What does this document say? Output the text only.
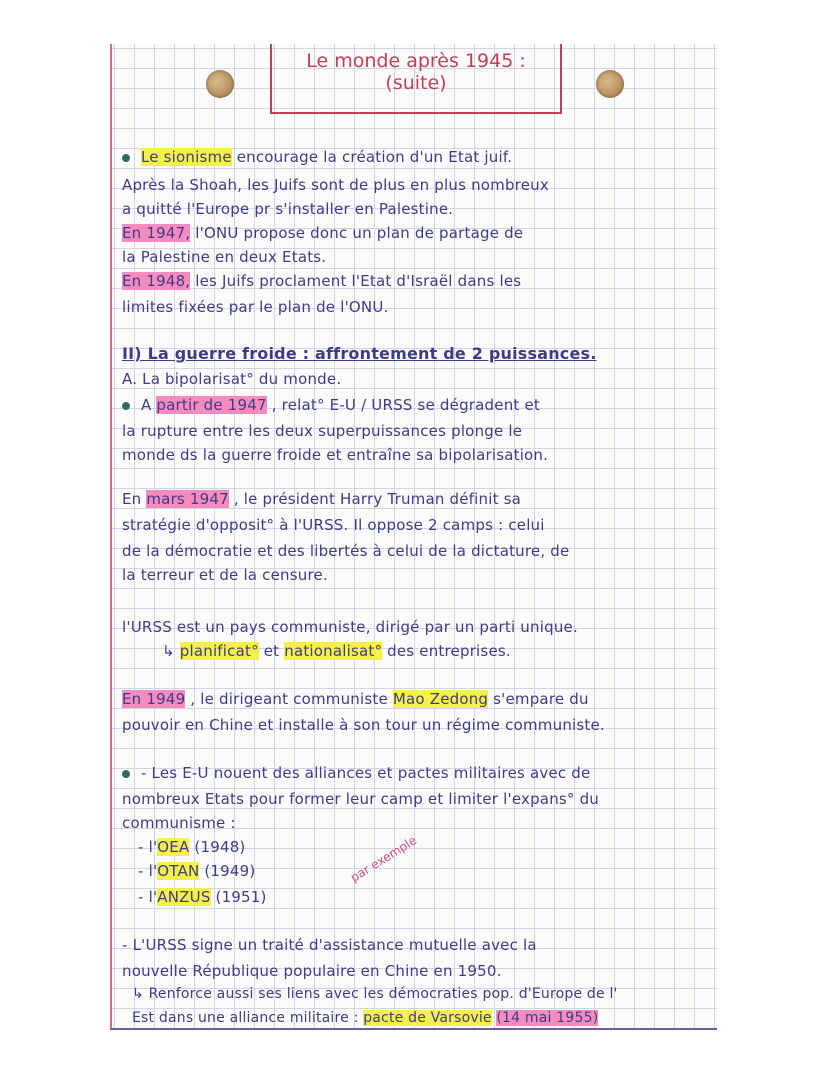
Le monde après 1945 :
(suite)
Le sionisme encourage la création d'un Etat juif.
Après la Shoah, les Juifs sont de plus en plus nombreux
a quitté l'Europe pr s'installer en Palestine.
En 1947, l'ONU propose donc un plan de partage de
la Palestine en deux Etats.
En 1948, les Juifs proclament l'Etat d'Israël dans les
limites fixées par le plan de l'ONU.
II) La guerre froide : affrontement de 2 puissances.
A. La bipolarisat° du monde.
A partir de 1947 , relat° E-U / URSS se dégradent et
la rupture entre les deux superpuissances plonge le
monde ds la guerre froide et entraîne sa bipolarisation.
En mars 1947 , le président Harry Truman définit sa
stratégie d'opposit° à l'URSS. Il oppose 2 camps : celui
de la démocratie et des libertés à celui de la dictature, de
la terreur et de la censure.
l'URSS est un pays communiste, dirigé par un parti unique.
↳ planificat° et nationalisat° des entreprises.
En 1949 , le dirigeant communiste Mao Zedong s'empare du
pouvoir en Chine et installe à son tour un régime communiste.
- Les E-U nouent des alliances et pactes militaires avec de
nombreux Etats pour former leur camp et limiter l'expans° du
communisme :
- l'OEA (1948)
- l'OTAN (1949)
- l'ANZUS (1951)
par exemple
- L'URSS signe un traité d'assistance mutuelle avec la
nouvelle République populaire en Chine en 1950.
↳ Renforce aussi ses liens avec les démocraties pop. d'Europe de l'
Est dans une alliance militaire : pacte de Varsovie (14 mai 1955)
